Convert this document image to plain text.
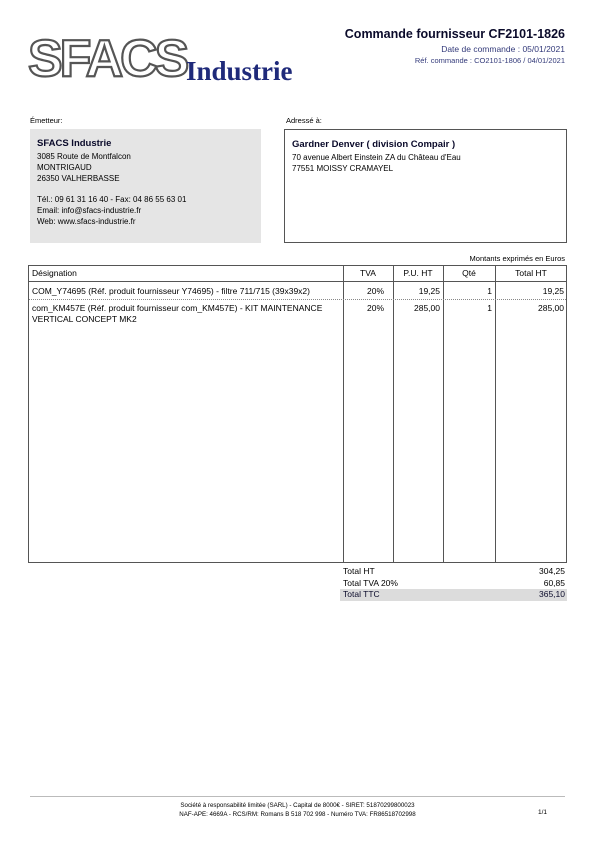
SFACS Industrie
Commande fournisseur CF2101-1826
Date de commande : 05/01/2021
Réf. commande : CO2101-1806 / 04/01/2021
Émetteur:	Adressé à:
SFACS Industrie
3085 Route de Montfalcon
MONTRIGAUD
26350 VALHERBASSE
Tél.: 09 61 31 16 40 - Fax: 04 86 55 63 01
Email: info@sfacs-industrie.fr
Web: www.sfacs-industrie.fr
Gardner Denver ( division Compair )
70 avenue Albert Einstein ZA du Château d'Eau
77551 MOISSY CRAMAYEL
Montants exprimés en Euros
Désignation	TVA	P.U. HT	Qté	Total HT
COM_Y74695 (Réf. produit fournisseur Y74695) - filtre 711/715 (39x39x2)	20%	19,25	1	19,25
com_KM457E (Réf. produit fournisseur com_KM457E) - KIT MAINTENANCE
VERTICAL CONCEPT MK2
20%	285,00	1	285,00
Total HT	304,25
Total TVA 20%	60,85
Total TTC	365,10
Société à responsabilité limitée (SARL) - Capital de 8000€ - SIRET: 51870299800023
NAF-APE: 4669A - RCS/RM: Romans B 518 702 998 - Numéro TVA: FR86518702998	1/1
